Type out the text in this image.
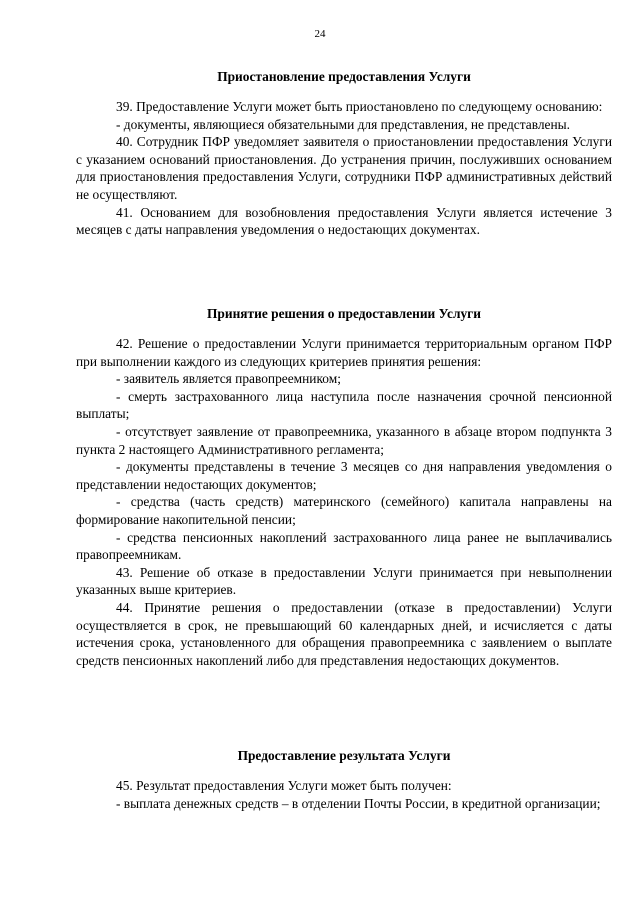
24
Приостановление предоставления Услуги

39. Предоставление Услуги может быть приостановлено по следующему основанию:

- документы, являющиеся обязательными для представления, не представлены.

40. Сотрудник ПФР уведомляет заявителя о приостановлении предоставления Услуги с указанием оснований приостановления. До устранения причин, послуживших основанием для приостановления предоставления Услуги, сотрудники ПФР административных действий не осуществляют.

41. Основанием для возобновления предоставления Услуги является истечение 3 месяцев с даты направления уведомления о недостающих документах.

Принятие решения о предоставлении Услуги

42. Решение о предоставлении Услуги принимается территориальным органом ПФР при выполнении каждого из следующих критериев принятия решения:

- заявитель является правопреемником;

- смерть застрахованного лица наступила после назначения срочной пенсионной выплаты;

- отсутствует заявление от правопреемника, указанного в абзаце втором подпункта 3 пункта 2 настоящего Административного регламента;

- документы представлены в течение 3 месяцев со дня направления уведомления о представлении недостающих документов;

- средства (часть средств) материнского (семейного) капитала направлены на формирование накопительной пенсии;

- средства пенсионных накоплений застрахованного лица ранее не выплачивались правопреемникам.

43. Решение об отказе в предоставлении Услуги принимается при невыполнении указанных выше критериев.

44. Принятие решения о предоставлении (отказе в предоставлении) Услуги осуществляется в срок, не превышающий 60 календарных дней, и исчисляется с даты истечения срока, установленного для обращения правопреемника с заявлением о выплате средств пенсионных накоплений либо для представления недостающих документов.

Предоставление результата Услуги

45. Результат предоставления Услуги может быть получен:

- выплата денежных средств – в отделении Почты России, в кредитной организации;
